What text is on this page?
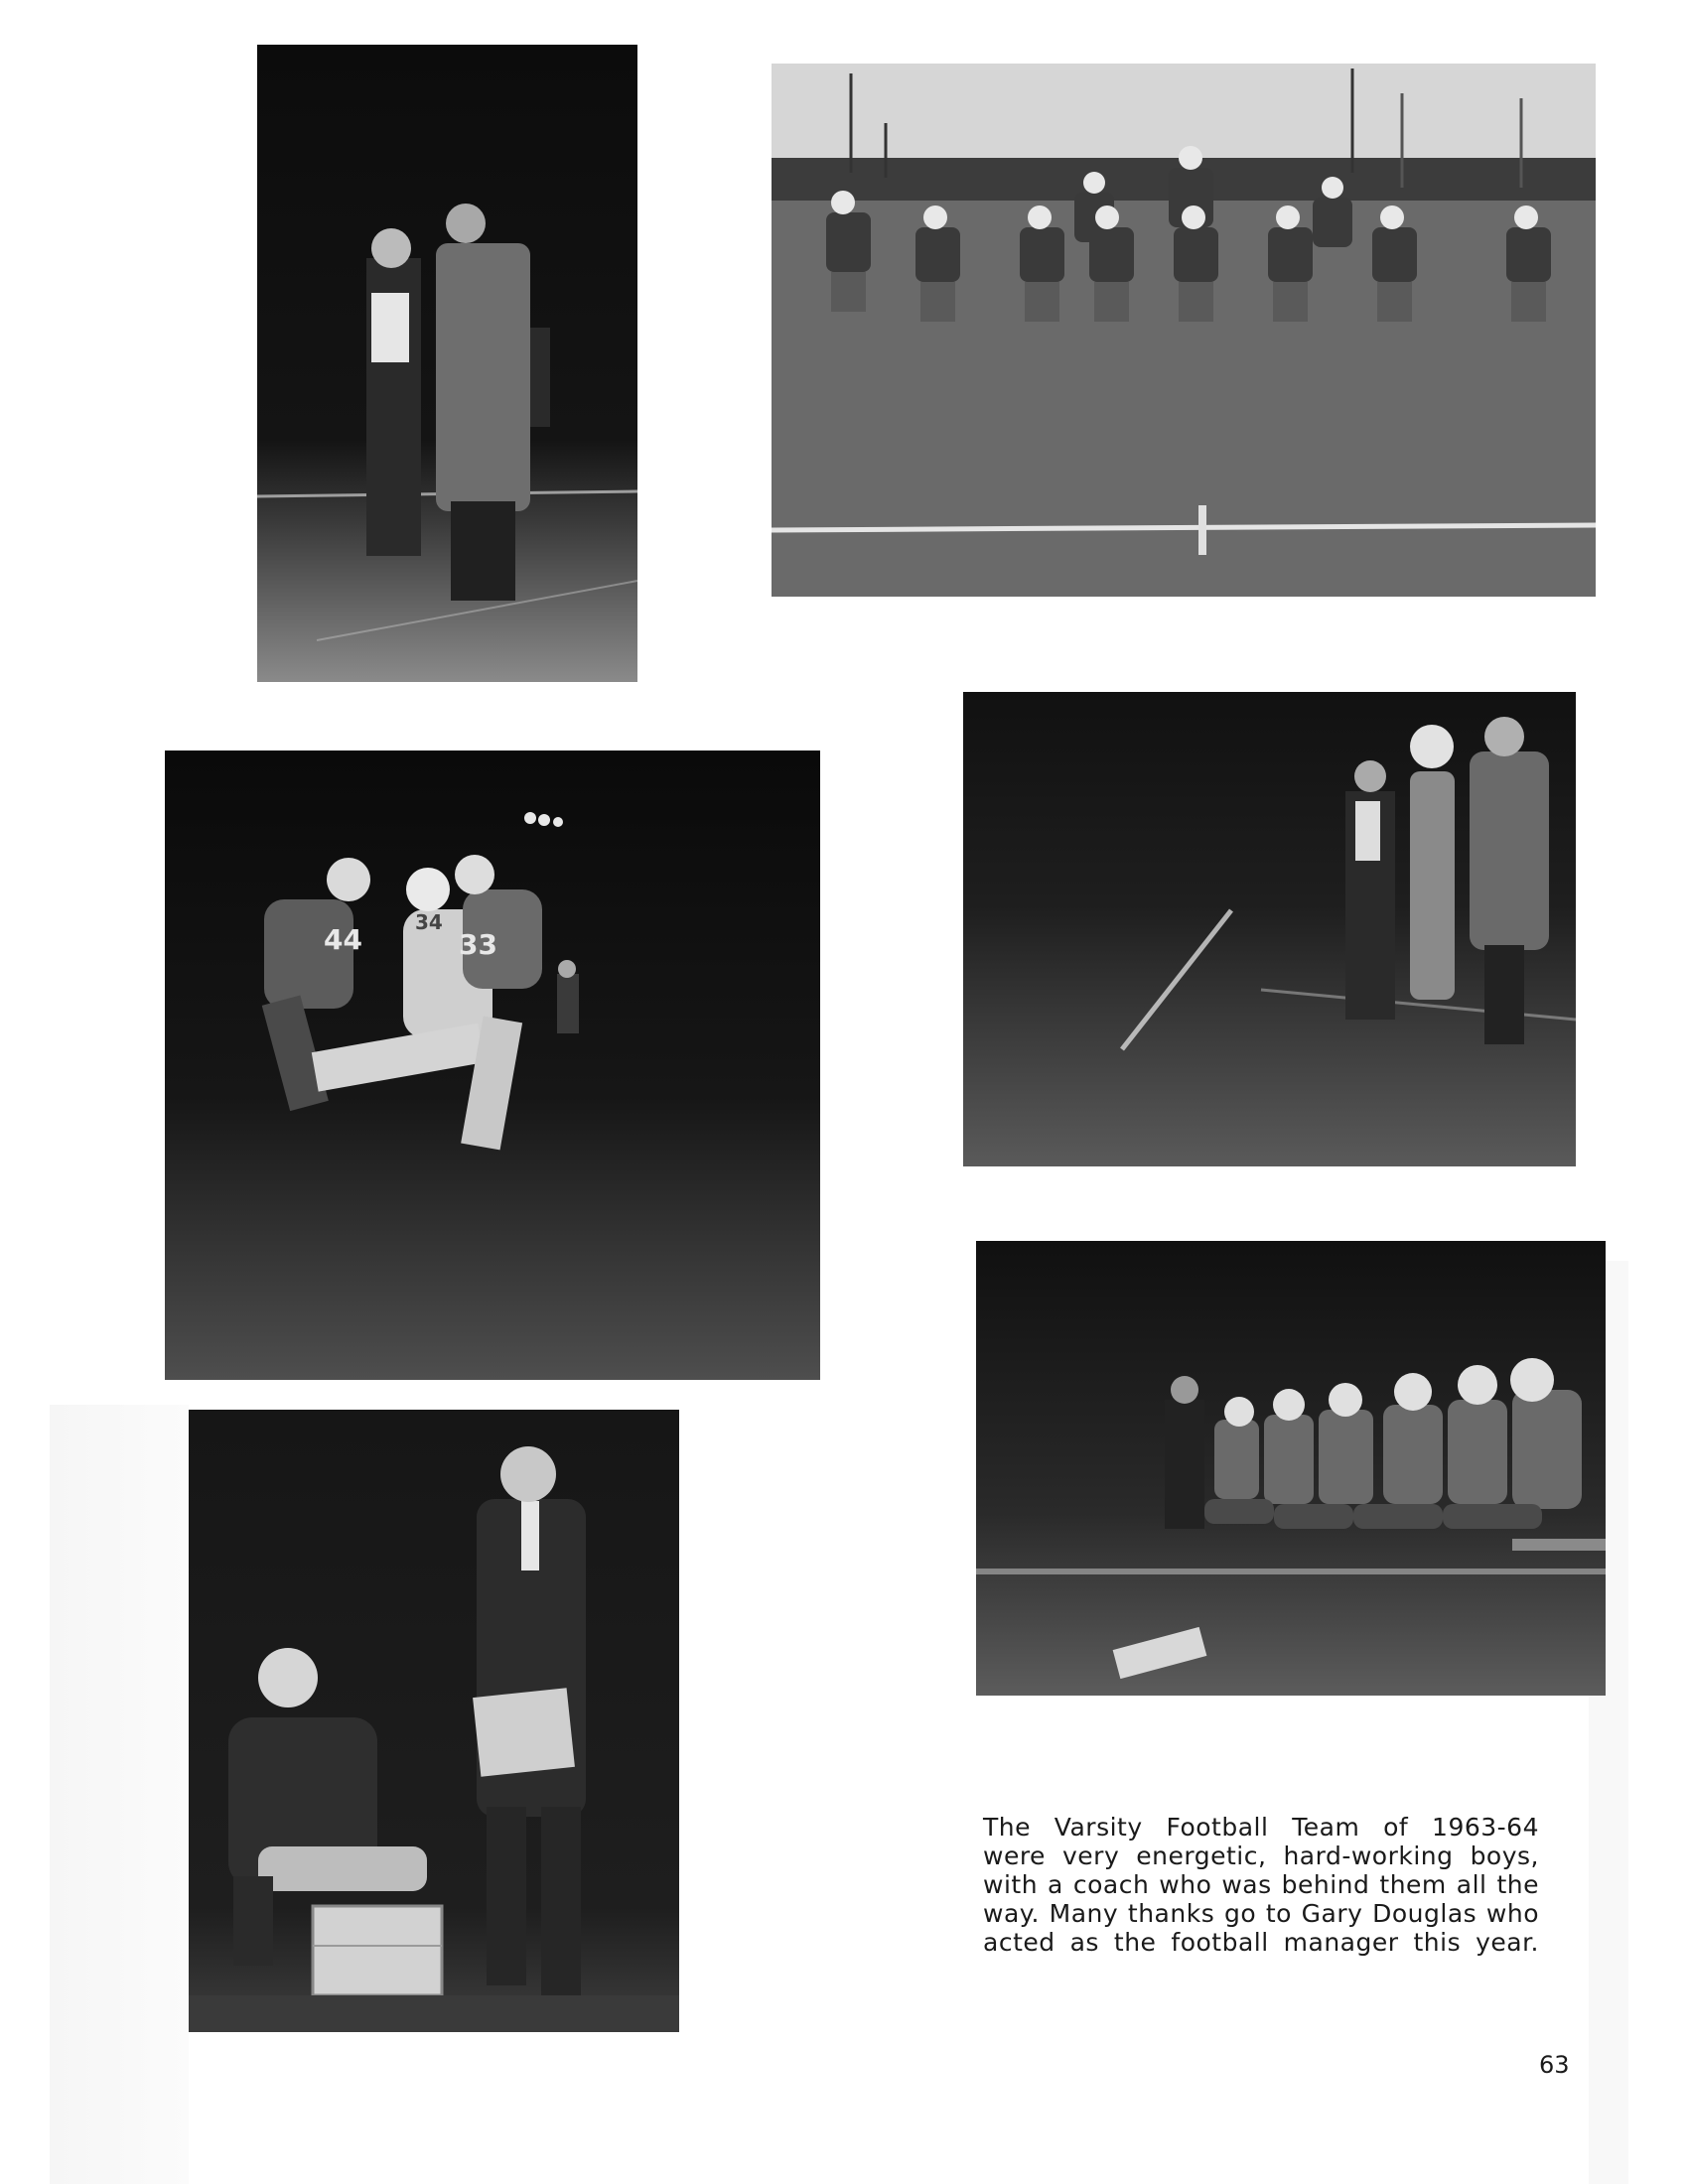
44
34
33
The Varsity Football Team of 1963-64
were very energetic, hard-working boys,
with a coach who was behind them all the
way. Many thanks go to Gary Douglas who
acted as the football manager this year.
63
